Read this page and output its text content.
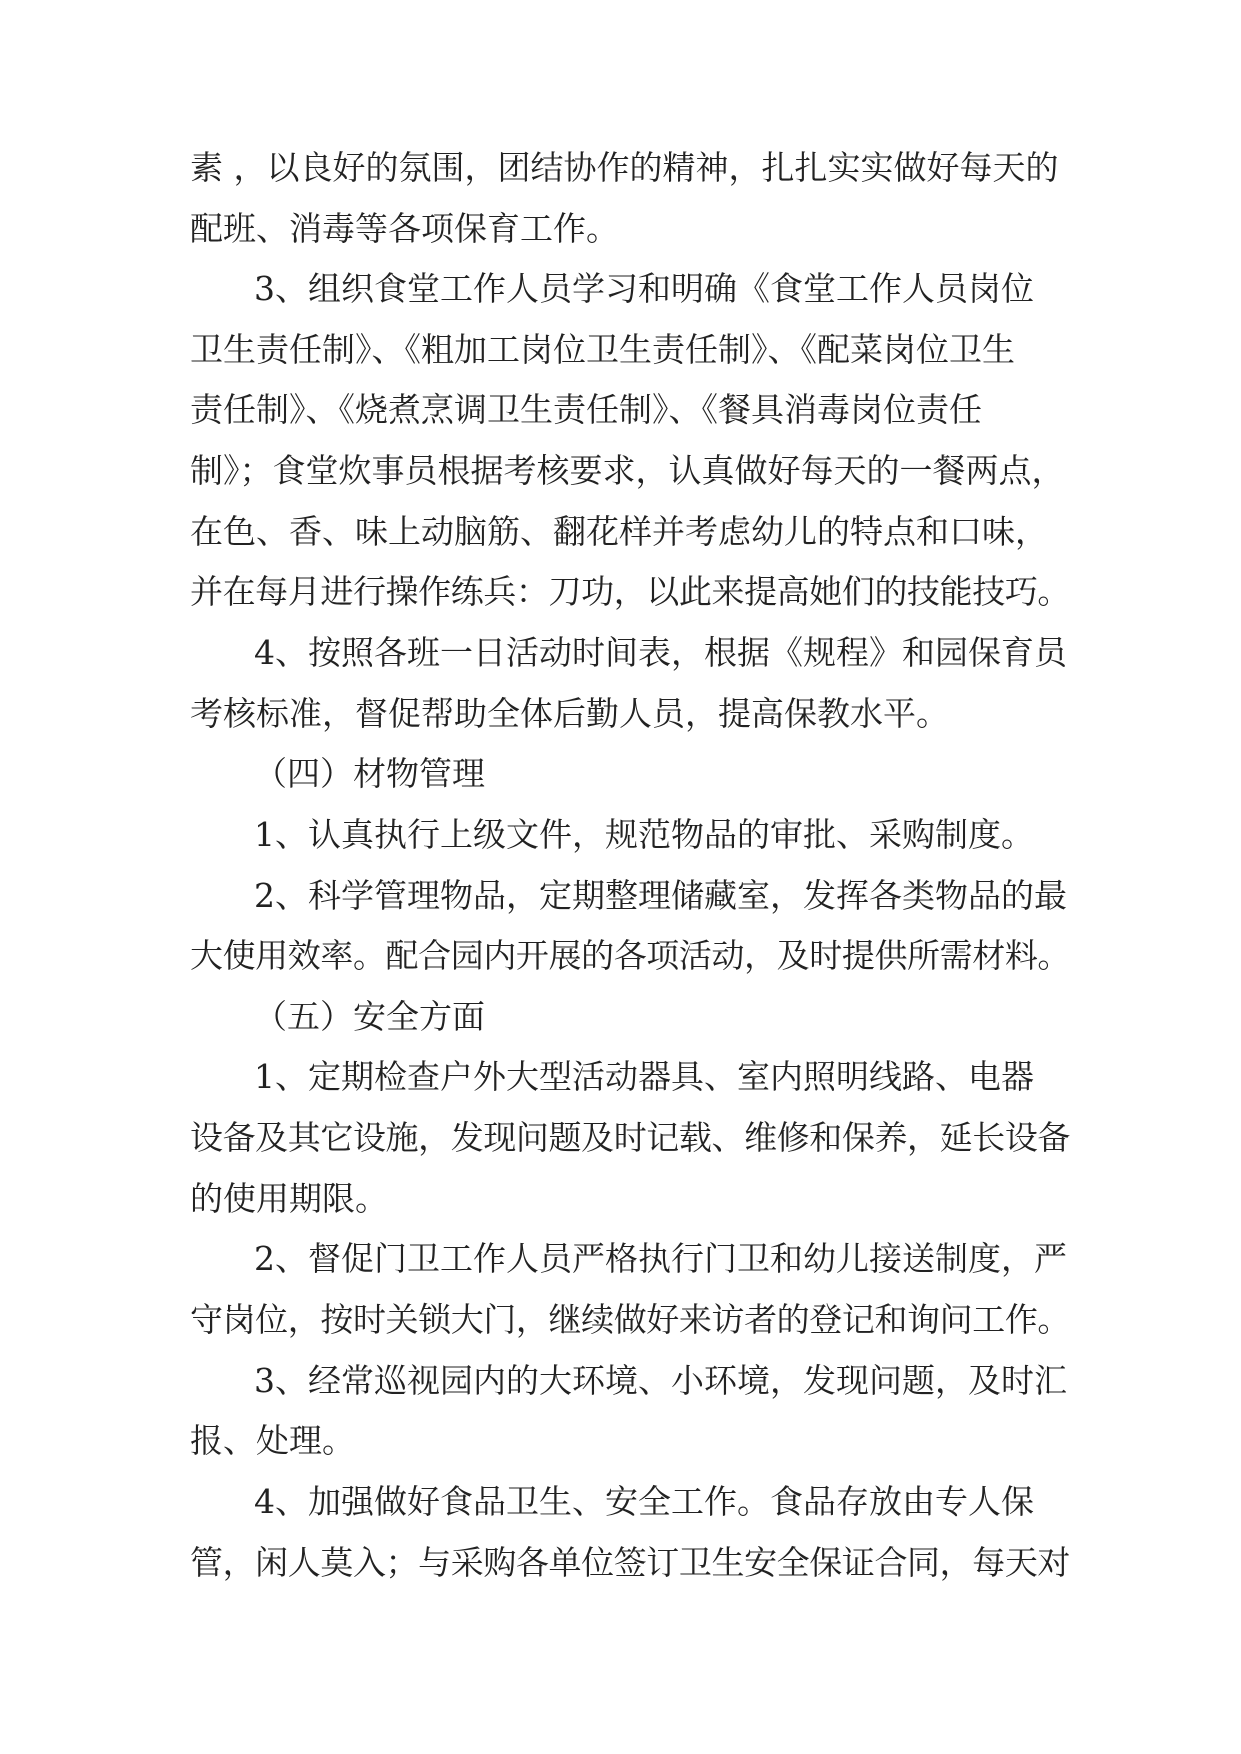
素 ，以良好的氛围，团结协作的精神，扎扎实实做好每天的
配班、消毒等各项保育工作。
3、组织食堂工作人员学习和明确《食堂工作人员岗位
卫生责任制》、《粗加工岗位卫生责任制》、《配菜岗位卫生
责任制》、《烧煮烹调卫生责任制》、《餐具消毒岗位责任
制》；食堂炊事员根据考核要求，认真做好每天的一餐两点，
在色、香、味上动脑筋、翻花样并考虑幼儿的特点和口味，
并在每月进行操作练兵：刀功，以此来提高她们的技能技巧。
4、按照各班一日活动时间表，根据《规程》和园保育员
考核标准，督促帮助全体后勤人员，提高保教水平。
（四）材物管理
1、认真执行上级文件，规范物品的审批、采购制度。
2、科学管理物品，定期整理储藏室，发挥各类物品的最
大使用效率。配合园内开展的各项活动，及时提供所需材料。
（五）安全方面
1、定期检查户外大型活动器具、室内照明线路、电器
设备及其它设施，发现问题及时记载、维修和保养，延长设备
的使用期限。
2、督促门卫工作人员严格执行门卫和幼儿接送制度，严
守岗位，按时关锁大门，继续做好来访者的登记和询问工作。
3、经常巡视园内的大环境、小环境，发现问题，及时汇
报、处理。
4、加强做好食品卫生、安全工作。食品存放由专人保
管，闲人莫入；与采购各单位签订卫生安全保证合同，每天对
